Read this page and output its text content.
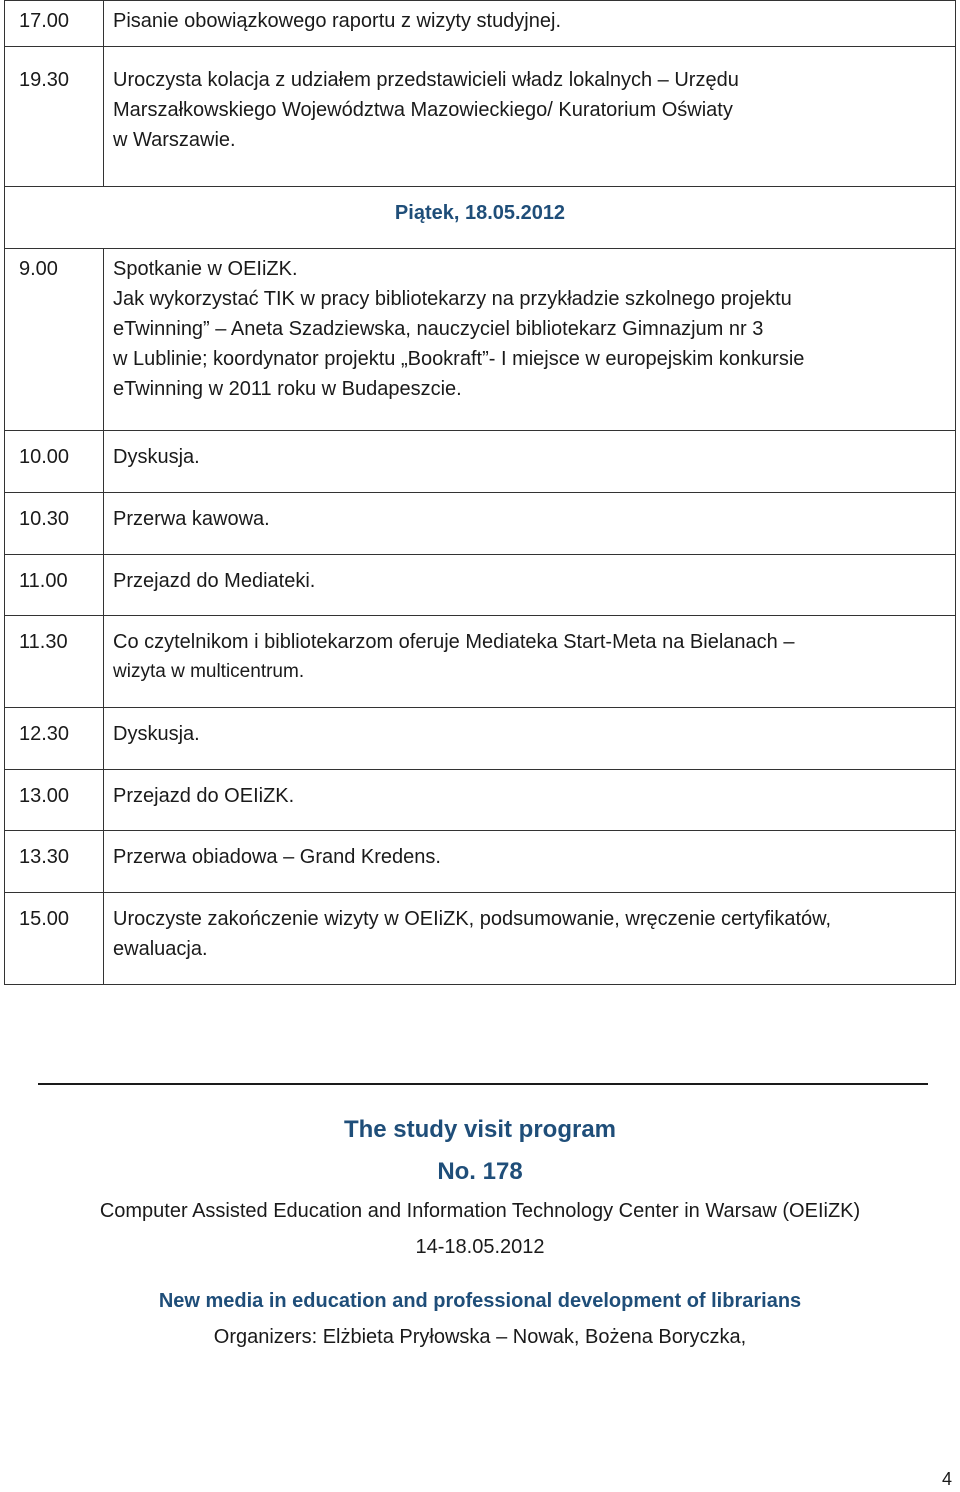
17.00	Pisanie obowiązkowego raportu z wizyty studyjnej.
19.30	Uroczysta kolacja z udziałem przedstawicieli władz lokalnych – Urzędu
Marszałkowskiego Województwa Mazowieckiego/ Kuratorium Oświaty
w Warszawie.

Piątek, 18.05.2012	
9.00	Spotkanie w OEIiZK.
Jak wykorzystać TIK w pracy bibliotekarzy na przykładzie szkolnego projektu
eTwinning” – Aneta Szadziewska, nauczyciel bibliotekarz Gimnazjum nr 3
w Lublinie; koordynator projektu „Bookraft”- I miejsce w europejskim konkursie
eTwinning w 2011 roku w Budapeszcie.

10.00	Dyskusja.
10.30	Przerwa kawowa.
11.00	Przejazd do Mediateki.
11.30	Co czytelnikom i bibliotekarzom oferuje Mediateka Start-Meta na Bielanach –
wizyta w multicentrum.

12.30	Dyskusja.
13.00	Przejazd do OEIiZK.
13.30	Przerwa obiadowa – Grand Kredens.
15.00	Uroczyste zakończenie wizyty w OEIiZK, podsumowanie, wręczenie certyfikatów,
ewaluacja.
The study visit program
No. 178
Computer Assisted Education and Information Technology Center in Warsaw (OEIiZK)
14-18.05.2012
New media in education and professional development of librarians
Organizers: Elżbieta Pryłowska – Nowak, Bożena Boryczka,
4
